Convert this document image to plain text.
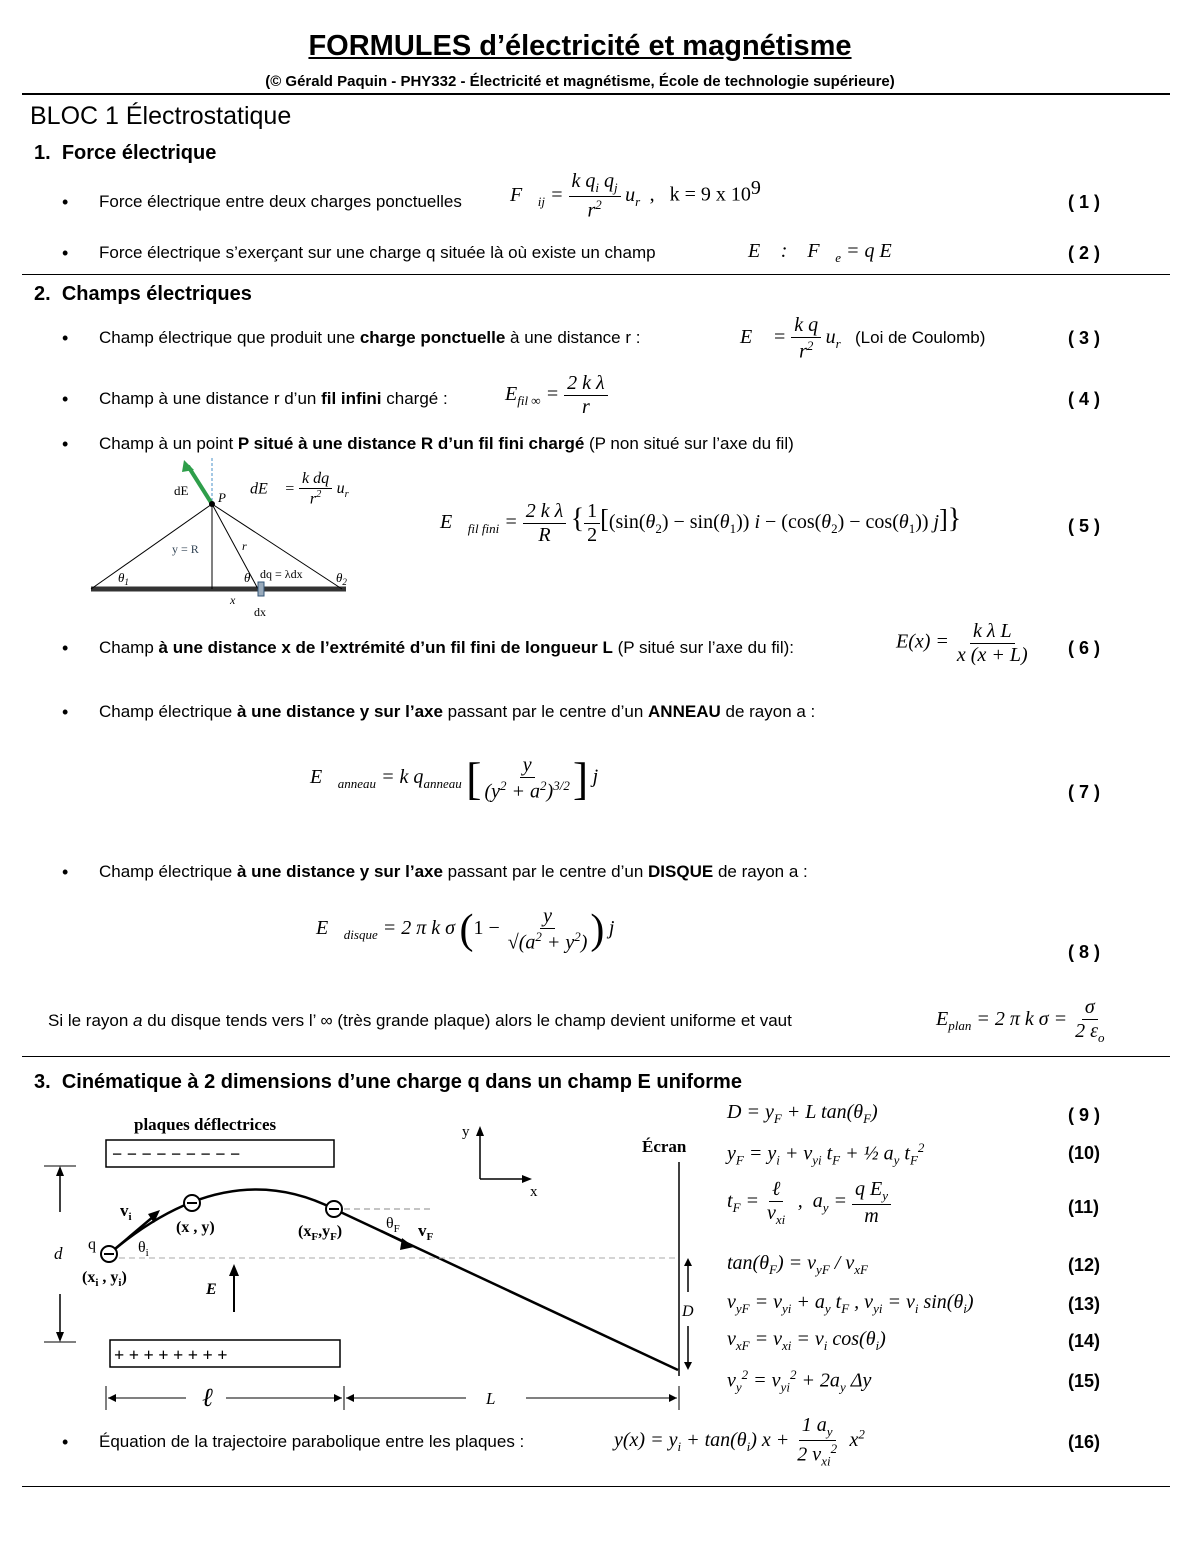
FORMULES d’électricité et magnétisme
(© Gérald Paquin - PHY332 - Électricité et magnétisme, École de technologie supérieure)
BLOC 1 Électrostatique
1. Force électrique
• Force électrique entre deux charges ponctuelles $F⃗_{ij} = \frac{k q_i q_j}{r^2} u_r$  ,   k = 9 x $10^9$
( 1 )
• Force électrique s’exerçant sur une charge q située là où existe un champ	E⃗ :    $F⃗_e = q$ E⃗	( 2 )
2. Champs électriques
• Champ électrique que produit une charge ponctuelle à une distance r :	E⃗ = $\frac{\text{k q}}{r^2} u_r$ (Loi de Coulomb)	( 3 )
• Champ à une distance r d’un fil infini chargé :	$E_{fil \infty} = \frac{\text{2 k λ}}{r}$	( 4 )
• Champ à un point P situé à une distance R d’un fil fini chargé (P non situé sur l’axe du fil)
dE P
y = R	r
θ
$\theta_1$	$\theta_2$
dq = λdx
x
dx
dE⃗ = $\frac{\text{k dq}}{r^2} u_r$
$E⃗_{fil fini} = \frac{\text{2 k λ}}{R}$ { $\frac{1}{2} [(\sin(\theta_2) - \sin(\theta_1)) i - (\cos(\theta_2) - \cos(\theta_1))$ j]}	( 5 )
• Champ à une distance x de l’extrémité d’un fil fini de longueur L (P situé sur l’axe du fil):	$E(x) = \frac{\text{k λ L}}{x (x + L)}$ ( 6 )
• Champ électrique à une distance y sur l’axe passant par le centre d’un ANNEAU de rayon a :
$E⃗_{anneau} = k$ $q_{anneau}$ [ $\frac{y}{(y^2 + a^2)^{3/2}}$ ] j
( 7 )
• Champ électrique à une distance y sur l’axe passant par le centre d’un DISQUE de rayon a :
$E⃗_{disque} = 2$ π k σ ($1 - \frac{y}{√(a^2 + y^2)}$ ) j⃗
( 8 )
Si le rayon a du disque tends vers l’ ∞ (très grande plaque) alors le champ devient uniforme et vaut	$E_{plan} = 2$ π k $\sigma = \frac{\sigma}{2 \varepsilon_o}$
3. Cinématique à 2 dimensions d’une charge q dans un champ E uniforme
plaques déflectrices
− − − − − − − − −
+ + + + + + + +
y
x
Écran
q
$v_i$
$\theta_i$
($x_i$ , $y_i$)
(x , y)	$(x_F,y_F)$	$\theta_F$ $v_F$
d
E
D
ℓ	L
$D = y_F + L$ $\tan(\theta_F)$	( 9 )
$y_F = y_i + v_{yi}$ $t_F$ + ½ $a_y$ $t_F^2$	(10)
$t_F = \frac{\text{ℓ}}{v_{xi}}$ ,  $a_y = \frac{q E_y}{m}$	(11)
$\tan(\theta_F) = v_{yF} / v_{xF}$	(12)
$v_{yF} = v_{yi} + a_y$ $t_F$ , $v_{yi} = v_i$ $\sin(\theta_i)$	(13)
$v_{xF} = v_{xi} = v_i$ $\cos(\theta_i)$	(14)
$v_y^2 = v_{yi}^2 + 2a_y$ Δy	(15)
• Équation de la trajectoire parabolique entre les plaques :	$y(x) = y_i + \tan(\theta_i) x + \frac{1 a_y}{2 v_{xi}^2} x^2$	(16)
